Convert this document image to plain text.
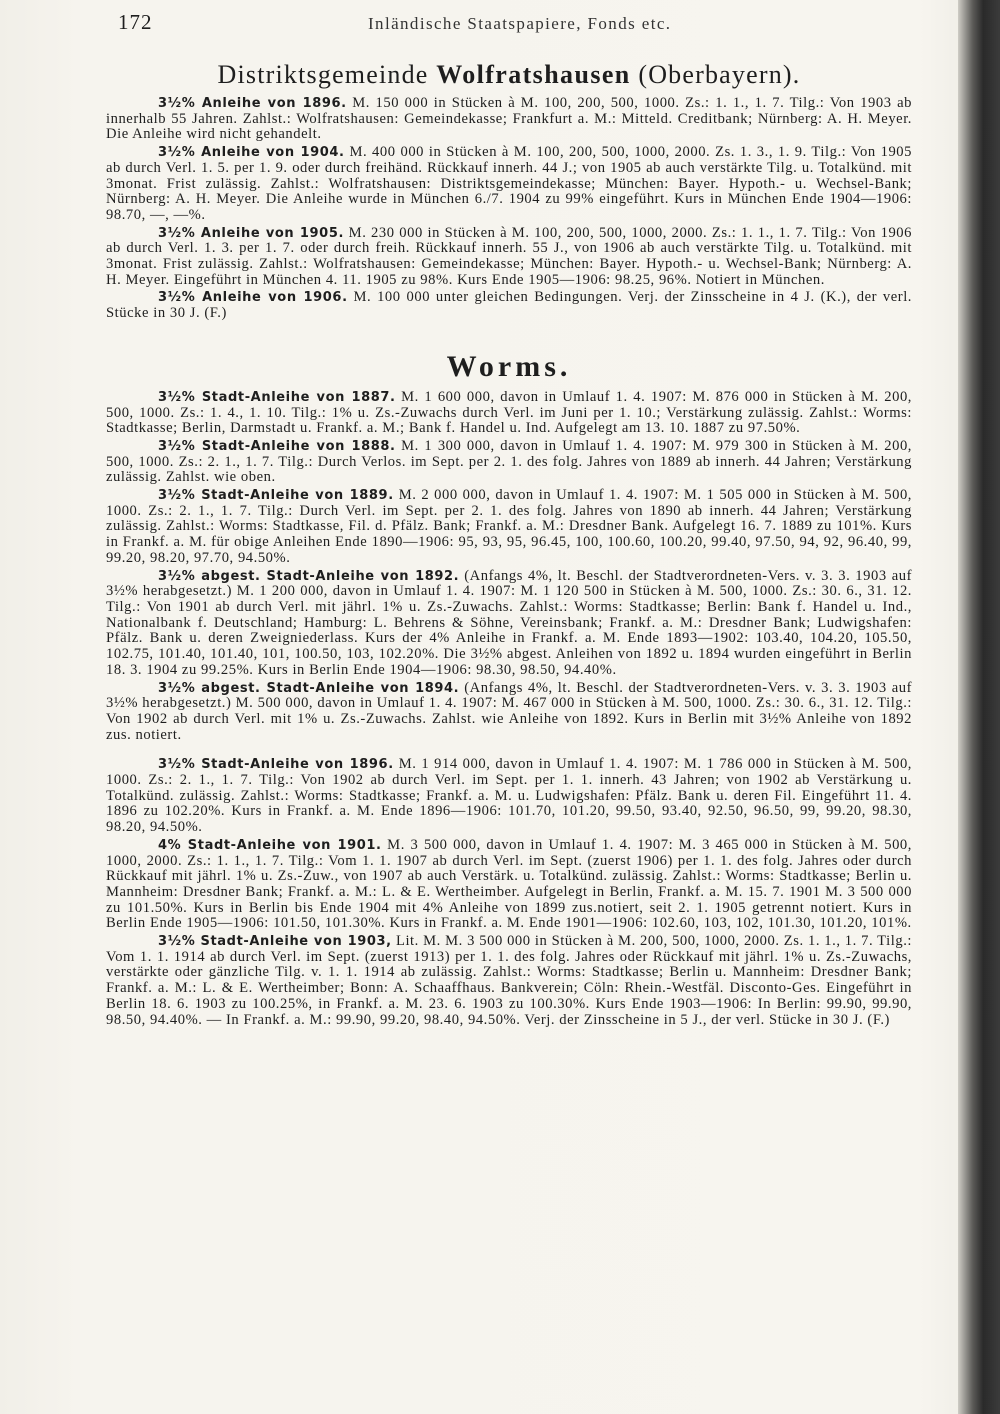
172	Inländische Staatspapiere, Fonds etc.
Distriktsgemeinde Wolfratshausen (Oberbayern).

3½% Anleihe von 1896. M. 150 000 in Stücken à M. 100, 200, 500, 1000. Zs.: 1. 1., 1. 7. Tilg.: Von 1903 ab innerhalb 55 Jahren. Zahlst.: Wolfratshausen: Gemeindekasse; Frankfurt a. M.: Mitteld. Creditbank; Nürnberg: A. H. Meyer. Die Anleihe wird nicht gehandelt.

3½% Anleihe von 1904. M. 400 000 in Stücken à M. 100, 200, 500, 1000, 2000. Zs. 1. 3., 1. 9. Tilg.: Von 1905 ab durch Verl. 1. 5. per 1. 9. oder durch freihänd. Rückkauf innerh. 44 J.; von 1905 ab auch verstärkte Tilg. u. Totalkünd. mit 3monat. Frist zulässig. Zahlst.: Wolfratshausen: Distriktsgemeindekasse; München: Bayer. Hypoth.- u. Wechsel-Bank; Nürnberg: A. H. Meyer. Die Anleihe wurde in München 6./7. 1904 zu 99% eingeführt. Kurs in München Ende 1904—1906: 98.70, —, —%.

3½% Anleihe von 1905. M. 230 000 in Stücken à M. 100, 200, 500, 1000, 2000. Zs.: 1. 1., 1. 7. Tilg.: Von 1906 ab durch Verl. 1. 3. per 1. 7. oder durch freih. Rückkauf innerh. 55 J., von 1906 ab auch verstärkte Tilg. u. Totalkünd. mit 3monat. Frist zulässig. Zahlst.: Wolfratshausen: Gemeindekasse; München: Bayer. Hypoth.- u. Wechsel-Bank; Nürnberg: A. H. Meyer. Eingeführt in München 4. 11. 1905 zu 98%. Kurs Ende 1905—1906: 98.25, 96%. Notiert in München.

3½% Anleihe von 1906. M. 100 000 unter gleichen Bedingungen. Verj. der Zinsscheine in 4 J. (K.), der verl. Stücke in 30 J. (F.)

Worms.

3½% Stadt-Anleihe von 1887. M. 1 600 000, davon in Umlauf 1. 4. 1907: M. 876 000 in Stücken à M. 200, 500, 1000. Zs.: 1. 4., 1. 10. Tilg.: 1% u. Zs.-Zuwachs durch Verl. im Juni per 1. 10.; Verstärkung zulässig. Zahlst.: Worms: Stadtkasse; Berlin, Darmstadt u. Frankf. a. M.; Bank f. Handel u. Ind. Aufgelegt am 13. 10. 1887 zu 97.50%.

3½% Stadt-Anleihe von 1888. M. 1 300 000, davon in Umlauf 1. 4. 1907: M. 979 300 in Stücken à M. 200, 500, 1000. Zs.: 2. 1., 1. 7. Tilg.: Durch Verlos. im Sept. per 2. 1. des folg. Jahres von 1889 ab innerh. 44 Jahren; Verstärkung zulässig. Zahlst. wie oben.

3½% Stadt-Anleihe von 1889. M. 2 000 000, davon in Umlauf 1. 4. 1907: M. 1 505 000 in Stücken à M. 500, 1000. Zs.: 2. 1., 1. 7. Tilg.: Durch Verl. im Sept. per 2. 1. des folg. Jahres von 1890 ab innerh. 44 Jahren; Verstärkung zulässig. Zahlst.: Worms: Stadtkasse, Fil. d. Pfälz. Bank; Frankf. a. M.: Dresdner Bank. Aufgelegt 16. 7. 1889 zu 101%. Kurs in Frankf. a. M. für obige Anleihen Ende 1890—1906: 95, 93, 95, 96.45, 100, 100.60, 100.20, 99.40, 97.50, 94, 92, 96.40, 99, 99.20, 98.20, 97.70, 94.50%.

3½% abgest. Stadt-Anleihe von 1892. (Anfangs 4%, lt. Beschl. der Stadtverordneten-Vers. v. 3. 3. 1903 auf 3½% herabgesetzt.) M. 1 200 000, davon in Umlauf 1. 4. 1907: M. 1 120 500 in Stücken à M. 500, 1000. Zs.: 30. 6., 31. 12. Tilg.: Von 1901 ab durch Verl. mit jährl. 1% u. Zs.-Zuwachs. Zahlst.: Worms: Stadtkasse; Berlin: Bank f. Handel u. Ind., Nationalbank f. Deutschland; Hamburg: L. Behrens & Söhne, Vereinsbank; Frankf. a. M.: Dresdner Bank; Ludwigshafen: Pfälz. Bank u. deren Zweigniederlass. Kurs der 4% Anleihe in Frankf. a. M. Ende 1893—1902: 103.40, 104.20, 105.50, 102.75, 101.40, 101.40, 101, 100.50, 103, 102.20%. Die 3½% abgest. Anleihen von 1892 u. 1894 wurden eingeführt in Berlin 18. 3. 1904 zu 99.25%. Kurs in Berlin Ende 1904—1906: 98.30, 98.50, 94.40%.

3½% abgest. Stadt-Anleihe von 1894. (Anfangs 4%, lt. Beschl. der Stadtverordneten-Vers. v. 3. 3. 1903 auf 3½% herabgesetzt.) M. 500 000, davon in Umlauf 1. 4. 1907: M. 467 000 in Stücken à M. 500, 1000. Zs.: 30. 6., 31. 12. Tilg.: Von 1902 ab durch Verl. mit 1% u. Zs.-Zuwachs. Zahlst. wie Anleihe von 1892. Kurs in Berlin mit 3½% Anleihe von 1892 zus. notiert.

3½% Stadt-Anleihe von 1896. M. 1 914 000, davon in Umlauf 1. 4. 1907: M. 1 786 000 in Stücken à M. 500, 1000. Zs.: 2. 1., 1. 7. Tilg.: Von 1902 ab durch Verl. im Sept. per 1. 1. innerh. 43 Jahren; von 1902 ab Verstärkung u. Totalkünd. zulässig. Zahlst.: Worms: Stadtkasse; Frankf. a. M. u. Ludwigshafen: Pfälz. Bank u. deren Fil. Eingeführt 11. 4. 1896 zu 102.20%. Kurs in Frankf. a. M. Ende 1896—1906: 101.70, 101.20, 99.50, 93.40, 92.50, 96.50, 99, 99.20, 98.30, 98.20, 94.50%.

4% Stadt-Anleihe von 1901. M. 3 500 000, davon in Umlauf 1. 4. 1907: M. 3 465 000 in Stücken à M. 500, 1000, 2000. Zs.: 1. 1., 1. 7. Tilg.: Vom 1. 1. 1907 ab durch Verl. im Sept. (zuerst 1906) per 1. 1. des folg. Jahres oder durch Rückkauf mit jährl. 1% u. Zs.-Zuw., von 1907 ab auch Verstärk. u. Totalkünd. zulässig. Zahlst.: Worms: Stadtkasse; Berlin u. Mannheim: Dresdner Bank; Frankf. a. M.: L. & E. Wertheimber. Aufgelegt in Berlin, Frankf. a. M. 15. 7. 1901 M. 3 500 000 zu 101.50%. Kurs in Berlin bis Ende 1904 mit 4% Anleihe von 1899 zus.notiert, seit 2. 1. 1905 getrennt notiert. Kurs in Berlin Ende 1905—1906: 101.50, 101.30%. Kurs in Frankf. a. M. Ende 1901—1906: 102.60, 103, 102, 101.30, 101.20, 101%.

3½% Stadt-Anleihe von 1903, Lit. M. M. 3 500 000 in Stücken à M. 200, 500, 1000, 2000. Zs. 1. 1., 1. 7. Tilg.: Vom 1. 1. 1914 ab durch Verl. im Sept. (zuerst 1913) per 1. 1. des folg. Jahres oder Rückkauf mit jährl. 1% u. Zs.-Zuwachs, verstärkte oder gänzliche Tilg. v. 1. 1. 1914 ab zulässig. Zahlst.: Worms: Stadtkasse; Berlin u. Mannheim: Dresdner Bank; Frankf. a. M.: L. & E. Wertheimber; Bonn: A. Schaaffhaus. Bankverein; Cöln: Rhein.-Westfäl. Disconto-Ges. Eingeführt in Berlin 18. 6. 1903 zu 100.25%, in Frankf. a. M. 23. 6. 1903 zu 100.30%. Kurs Ende 1903—1906: In Berlin: 99.90, 99.90, 98.50, 94.40%. — In Frankf. a. M.: 99.90, 99.20, 98.40, 94.50%. Verj. der Zinsscheine in 5 J., der verl. Stücke in 30 J. (F.)
